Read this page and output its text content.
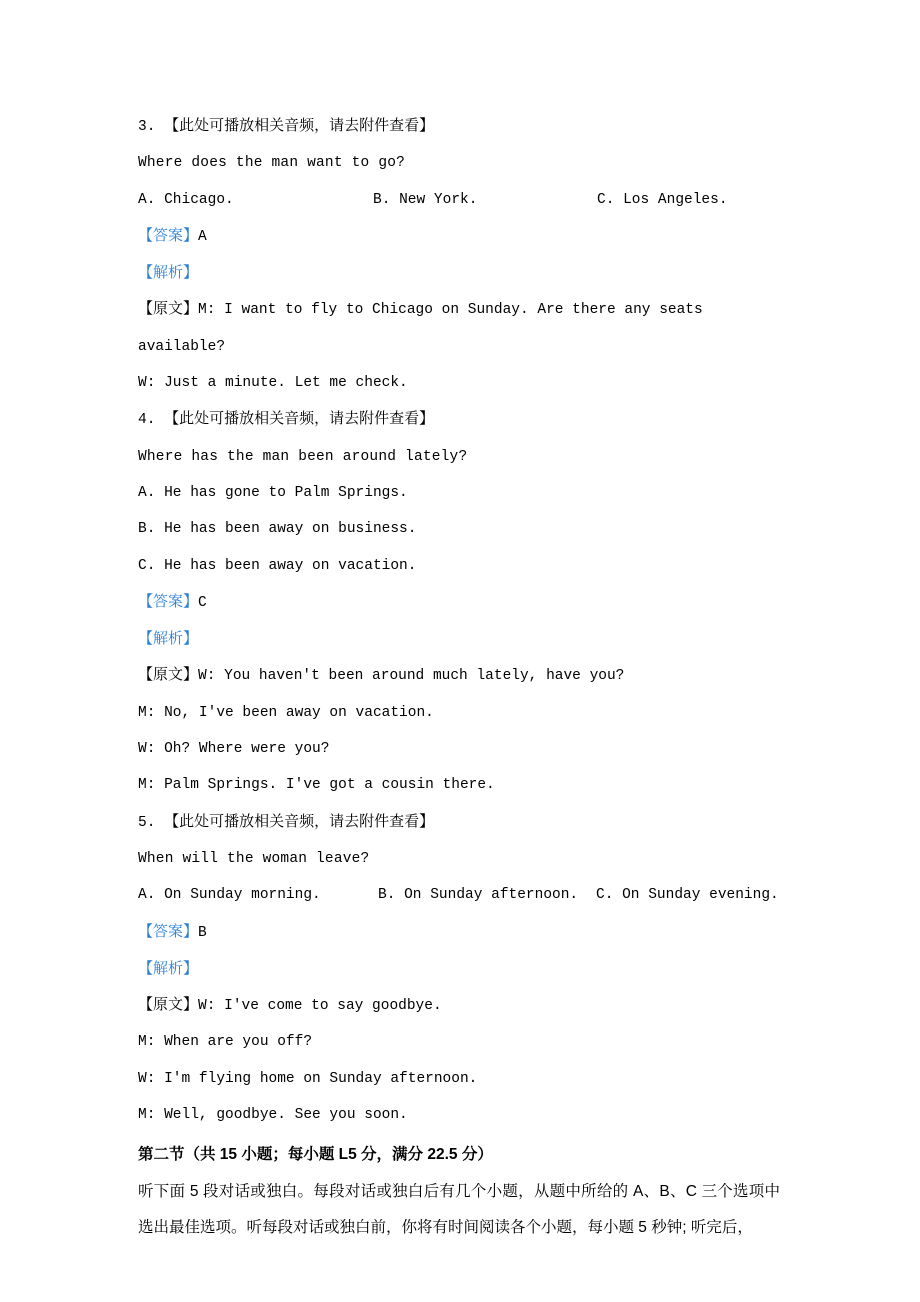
3. 【此处可播放相关音频，请去附件查看】
Where does the man want to go?
A. Chicago.	B. New York.	C. Los Angeles.
【答案】A
【解析】
【原文】M: I want to fly to Chicago on Sunday. Are there any seats available?
W: Just a minute. Let me check.
4. 【此处可播放相关音频，请去附件查看】
Where has the man been around lately?
A. He has gone to Palm Springs.B. He has been away on business. C. He has been away on vacation.
【答案】C
【解析】
【原文】W: You haven't been around much lately, have you?
M: No, I've been away on vacation.
W: Oh? Where were you?
M: Palm Springs. I've got a cousin there.
5. 【此处可播放相关音频，请去附件查看】
When will the woman leave?
A. On Sunday morning.	B. On Sunday afternoon. C. On Sunday evening.
【答案】B
【解析】
【原文】W: I've come to say goodbye.
M: When are you off?
W: I'm flying home on Sunday afternoon.
M: Well, goodbye. See you soon.
第二节（共 15 小题；每小题 L5 分，满分 22.5 分）
听下面 5 段对话或独白。每段对话或独白后有几个小题，从题中所给的 A、B、C 三个选项中选出最佳选项。听每段对话或独白前，你将有时间阅读各个小题，每小题 5 秒钟; 听完后，
